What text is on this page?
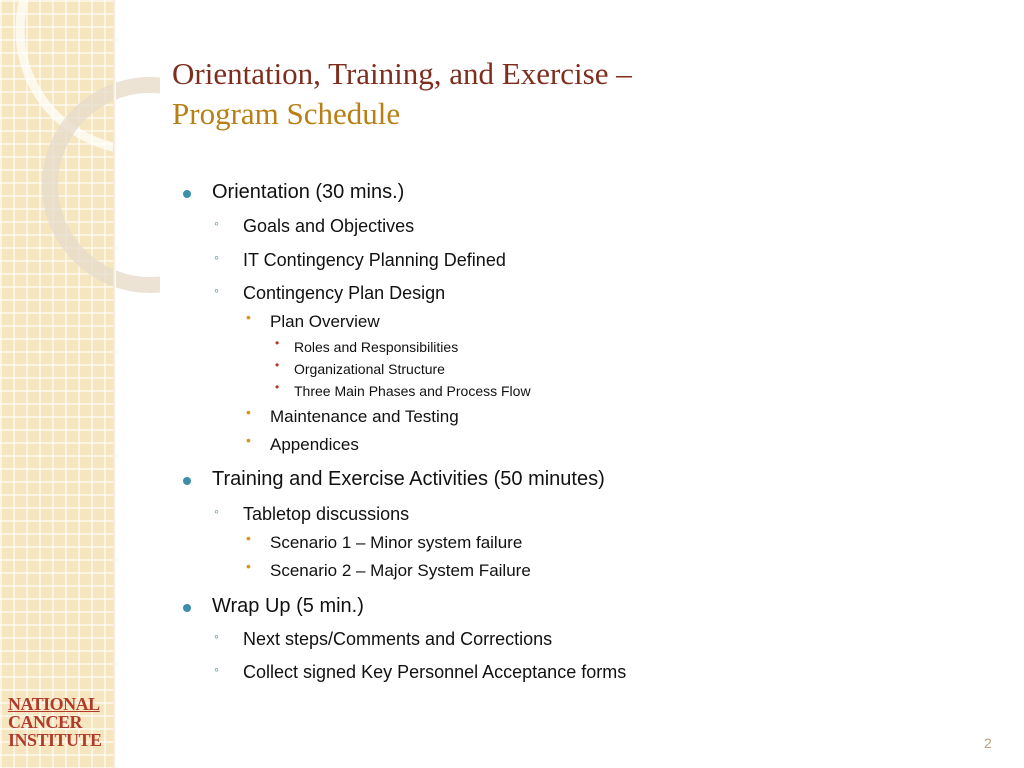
Orientation, Training, and Exercise –
Program Schedule
Orientation (30 mins.)
◦ Goals and Objectives
◦ IT Contingency Planning Defined
◦ Contingency Plan Design
• Plan Overview
• Roles and Responsibilities
• Organizational Structure
• Three Main Phases and Process Flow
• Maintenance and Testing
• Appendices
Training and Exercise Activities (50 minutes)
◦ Tabletop discussions
• Scenario 1 – Minor system failure
• Scenario 2 – Major System Failure
Wrap Up (5 min.)
◦ Next steps/Comments and Corrections
◦ Collect signed Key Personnel Acceptance forms
NATIONAL
CANCER
INSTITUTE	2
